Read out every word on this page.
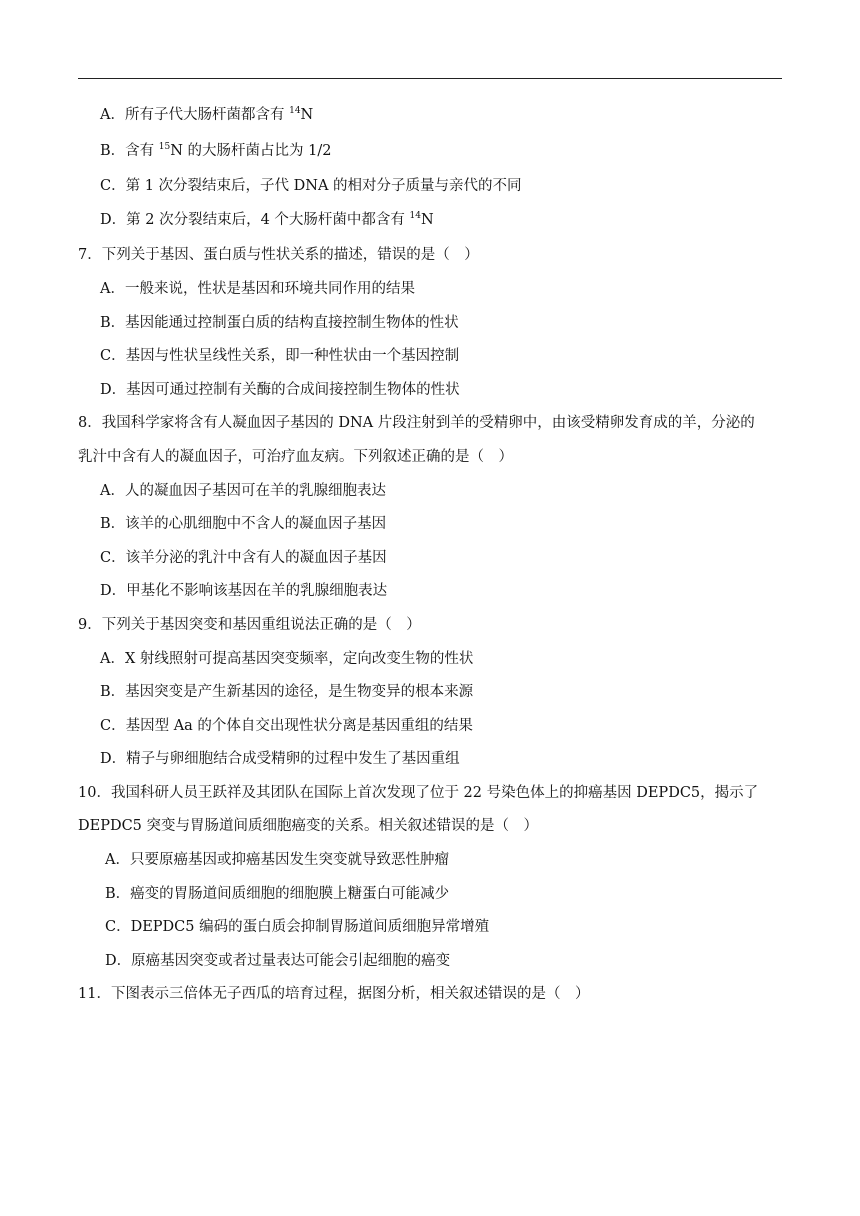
A．所有子代大肠杆菌都含有 $^{14}$N
B．含有 $^{15}$N 的大肠杆菌占比为 1/2
C．第 1 次分裂结束后，子代 DNA 的相对分子质量与亲代的不同
D．第 2 次分裂结束后，4 个大肠杆菌中都含有 $^{14}$N
7．下列关于基因、蛋白质与性状关系的描述，错误的是（　）
A．一般来说，性状是基因和环境共同作用的结果
B．基因能通过控制蛋白质的结构直接控制生物体的性状
C．基因与性状呈线性关系，即一种性状由一个基因控制
D．基因可通过控制有关酶的合成间接控制生物体的性状
8．我国科学家将含有人凝血因子基因的 DNA 片段注射到羊的受精卵中，由该受精卵发育成的羊，分泌的
乳汁中含有人的凝血因子，可治疗血友病。下列叙述正确的是（　）
A．人的凝血因子基因可在羊的乳腺细胞表达
B．该羊的心肌细胞中不含人的凝血因子基因
C．该羊分泌的乳汁中含有人的凝血因子基因
D．甲基化不影响该基因在羊的乳腺细胞表达
9．下列关于基因突变和基因重组说法正确的是（　）
A．X 射线照射可提高基因突变频率，定向改变生物的性状
B．基因突变是产生新基因的途径，是生物变异的根本来源
C．基因型 Aa 的个体自交出现性状分离是基因重组的结果
D．精子与卵细胞结合成受精卵的过程中发生了基因重组
10．我国科研人员王跃祥及其团队在国际上首次发现了位于 22 号染色体上的抑癌基因 DEPDC5，揭示了
DEPDC5 突变与胃肠道间质细胞癌变的关系。相关叙述错误的是（　）
A．只要原癌基因或抑癌基因发生突变就导致恶性肿瘤
B．癌变的胃肠道间质细胞的细胞膜上糖蛋白可能减少
C．DEPDC5 编码的蛋白质会抑制胃肠道间质细胞异常增殖
D．原癌基因突变或者过量表达可能会引起细胞的癌变
11．下图表示三倍体无子西瓜的培育过程，据图分析，相关叙述错误的是（　）
